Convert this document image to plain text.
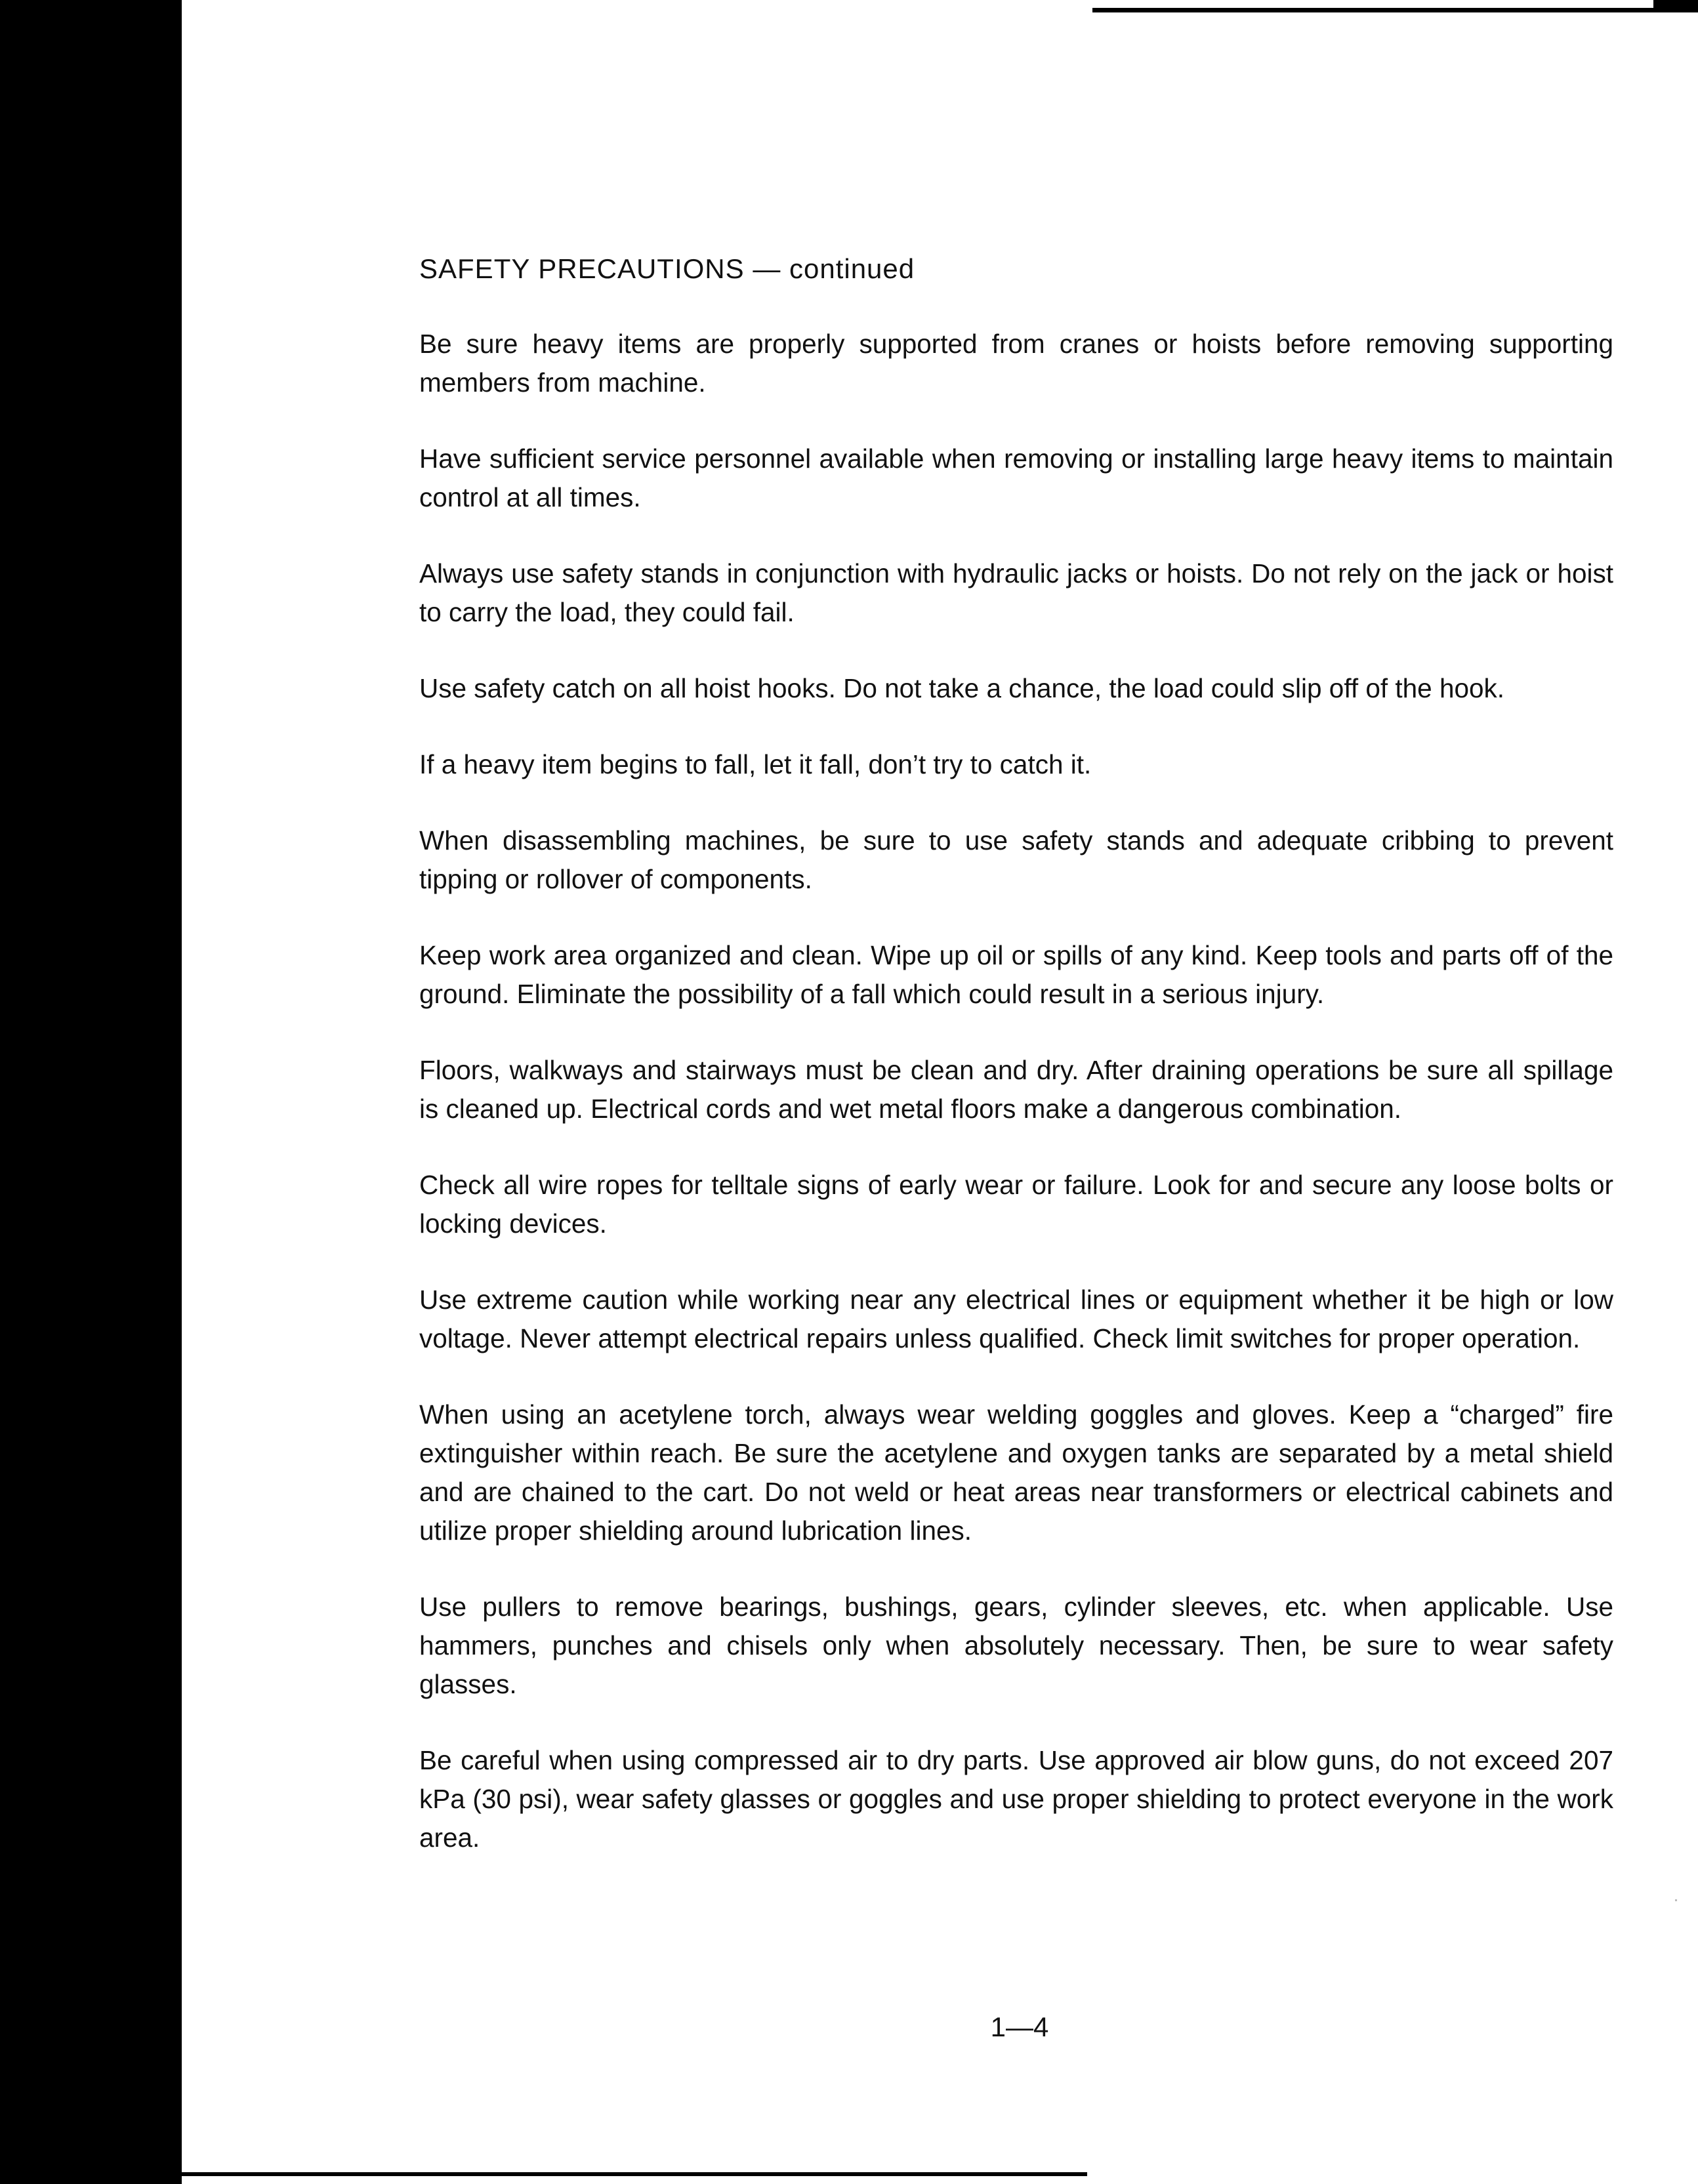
SAFETY PRECAUTIONS — continued

Be sure heavy items are properly supported from cranes or hoists before removing supporting members from machine.

Have sufficient service personnel available when removing or installing large heavy items to maintain control at all times.

Always use safety stands in conjunction with hydraulic jacks or hoists. Do not rely on the jack or hoist to carry the load, they could fail.

Use safety catch on all hoist hooks. Do not take a chance, the load could slip off of the hook.

If a heavy item begins to fall, let it fall, don’t try to catch it.

When disassembling machines, be sure to use safety stands and adequate cribbing to prevent tipping or rollover of components.

Keep work area organized and clean. Wipe up oil or spills of any kind. Keep tools and parts off of the ground. Eliminate the possibility of a fall which could result in a serious injury.

Floors, walkways and stairways must be clean and dry. After draining operations be sure all spillage is cleaned up. Electrical cords and wet metal floors make a dangerous combination.

Check all wire ropes for telltale signs of early wear or failure. Look for and secure any loose bolts or locking devices.

Use extreme caution while working near any electrical lines or equipment whether it be high or low voltage. Never attempt electrical repairs unless qualified. Check limit switches for proper operation.

When using an acetylene torch, always wear welding goggles and gloves. Keep a “charged” fire extinguisher within reach. Be sure the acetylene and oxygen tanks are separated by a metal shield and are chained to the cart. Do not weld or heat areas near transformers or electrical cabinets and utilize proper shielding around lubrication lines.

Use pullers to remove bearings, bushings, gears, cylinder sleeves, etc. when applicable. Use hammers, punches and chisels only when absolutely necessary. Then, be sure to wear safety glasses.

Be careful when using compressed air to dry parts. Use approved air blow guns, do not exceed 207 kPa (30 psi), wear safety glasses or goggles and use proper shielding to protect everyone in the work area.

1—4
